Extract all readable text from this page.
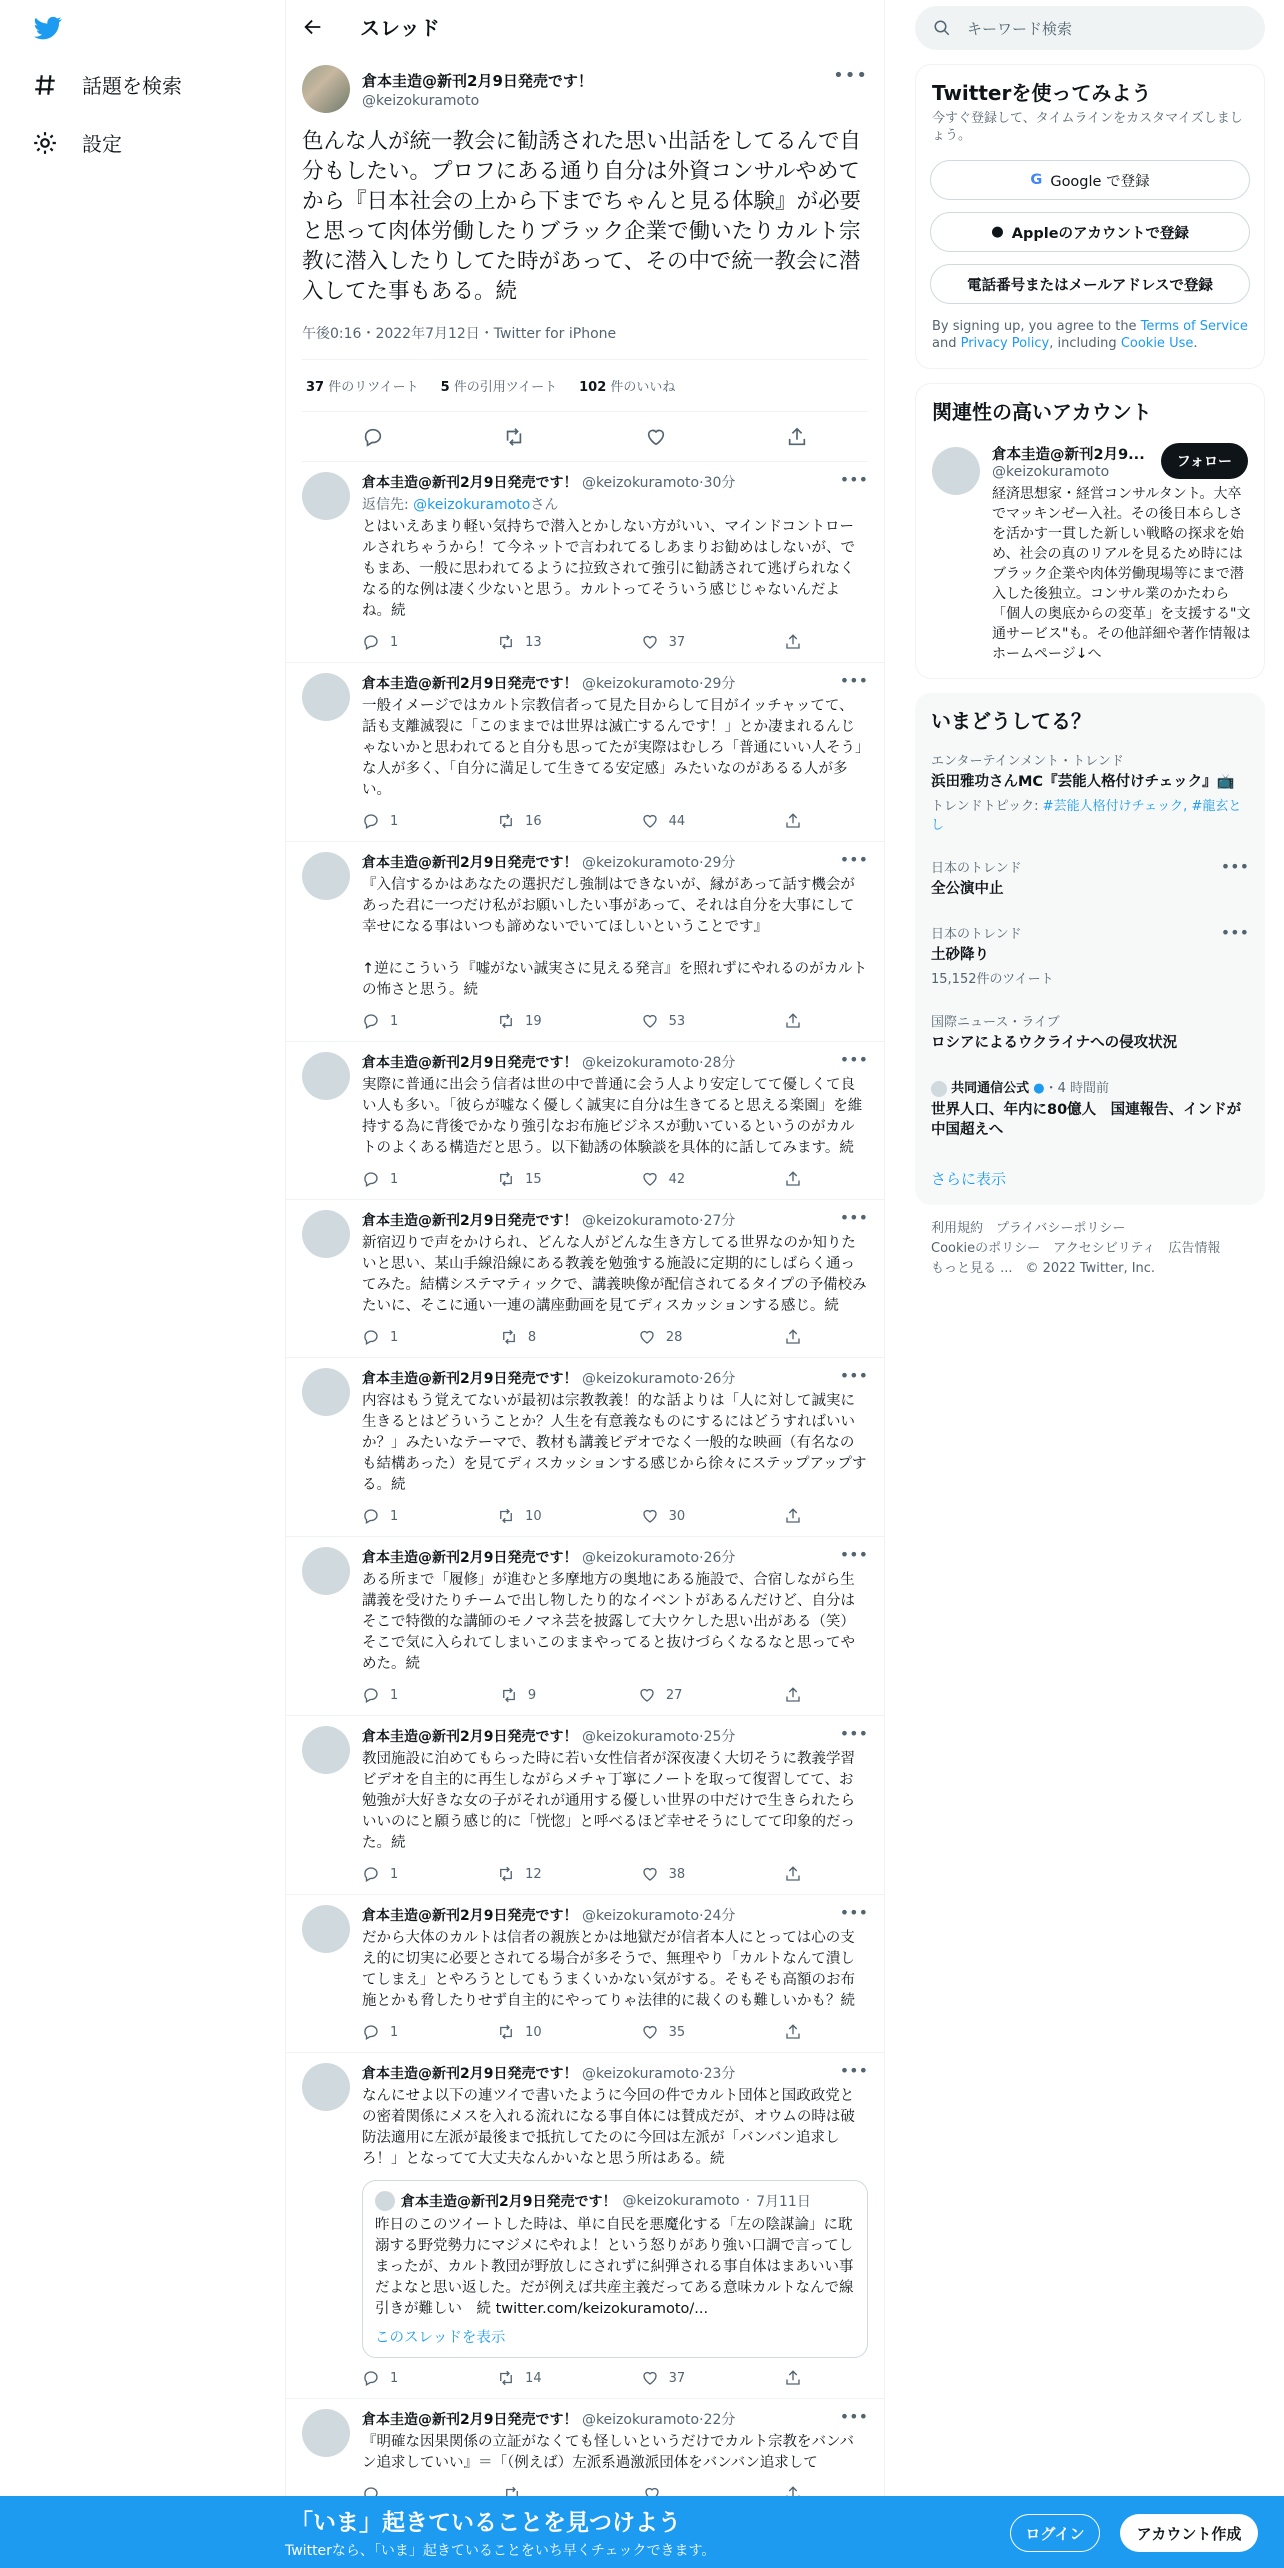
話題を検索
設定
スレッド
倉本圭造@新刊2月9日発売です！
@keizokuramoto
•••
色んな人が統一教会に勧誘された思い出話をしてるんで自分もしたい。プロフにある通り自分は外資コンサルやめてから『日本社会の上から下までちゃんと見る体験』が必要と思って肉体労働したりブラック企業で働いたりカルト宗教に潜入したりしてた時があって、その中で統一教会に潜入してた事もある。続
午後0:16・2022年7月12日・Twitter for iPhone
37 件のリツイート 5 件の引用ツイート 102 件のいいね
倉本圭造@新刊2月9日発売です！ @keizokuramoto·30分
返信先: @keizokuramotoさん
とはいえあまり軽い気持ちで潜入とかしない方がいい、マインドコントロールされちゃうから！て今ネットで言われてるしあまりお勧めはしないが、でもまあ、一般に思われてるように拉致されて強引に勧誘されて逃げられなくなる的な例は凄く少ないと思う。カルトってそういう感じじゃないんだよね。続
1	13	37
•••
倉本圭造@新刊2月9日発売です！ @keizokuramoto·29分
一般イメージではカルト宗教信者って見た目からして目がイッチャッてて、話も支離滅裂に「このままでは世界は滅亡するんです！」とか凄まれるんじゃないかと思われてると自分も思ってたが実際はむしろ「普通にいい人そう」な人が多く、「自分に満足して生きてる安定感」みたいなのがあるる人が多い。
1	16	44
•••
倉本圭造@新刊2月9日発売です！ @keizokuramoto·29分
『入信するかはあなたの選択だし強制はできないが、縁があって話す機会があった君に一つだけ私がお願いしたい事があって、それは自分を大事にして幸せになる事はいつも諦めないでいてほしいということです』

↑逆にこういう『嘘がない誠実さに見える発言』を照れずにやれるのがカルトの怖さと思う。続
1	19	53
•••
倉本圭造@新刊2月9日発売です！ @keizokuramoto·28分
実際に普通に出会う信者は世の中で普通に会う人より安定してて優しくて良い人も多い。「彼らが嘘なく優しく誠実に自分は生きてると思える楽園」を維持する為に背後でかなり強引なお布施ビジネスが動いているというのがカルトのよくある構造だと思う。以下勧誘の体験談を具体的に話してみます。続
1	15	42
•••
倉本圭造@新刊2月9日発売です！ @keizokuramoto·27分
新宿辺りで声をかけられ、どんな人がどんな生き方してる世界なのか知りたいと思い、某山手線沿線にある教義を勉強する施設に定期的にしばらく通ってみた。結構システマティックで、講義映像が配信されてるタイプの予備校みたいに、そこに通い一連の講座動画を見てディスカッションする感じ。続
1	8	28
•••
倉本圭造@新刊2月9日発売です！ @keizokuramoto·26分
内容はもう覚えてないが最初は宗教教義！的な話よりは「人に対して誠実に生きるとはどういうことか？人生を有意義なものにするにはどうすればいいか？」みたいなテーマで、教材も講義ビデオでなく一般的な映画（有名なのも結構あった）を見てディスカッションする感じから徐々にステップアップする。続
1	10	30
•••
倉本圭造@新刊2月9日発売です！ @keizokuramoto·26分
ある所まで「履修」が進むと多摩地方の奥地にある施設で、合宿しながら生講義を受けたりチームで出し物したり的なイベントがあるんだけど、自分はそこで特徴的な講師のモノマネ芸を披露して大ウケした思い出がある（笑）そこで気に入られてしまいこのままやってると抜けづらくなるなと思ってやめた。続
1	9	27
•••
倉本圭造@新刊2月9日発売です！ @keizokuramoto·25分
教団施設に泊めてもらった時に若い女性信者が深夜凄く大切そうに教義学習ビデオを自主的に再生しながらメチャ丁寧にノートを取って復習してて、お勉強が大好きな女の子がそれが通用する優しい世界の中だけで生きられたらいいのにと願う感じ的に「恍惚」と呼べるほど幸せそうにしてて印象的だった。続
1	12	38
•••
倉本圭造@新刊2月9日発売です！ @keizokuramoto·24分
だから大体のカルトは信者の親族とかは地獄だが信者本人にとっては心の支え的に切実に必要とされてる場合が多そうで、無理やり「カルトなんて潰してしまえ」とやろうとしてもうまくいかない気がする。そもそも高額のお布施とかも脅したりせず自主的にやってりゃ法律的に裁くのも難しいかも？続
1	10	35
•••
倉本圭造@新刊2月9日発売です！ @keizokuramoto·23分
なんにせよ以下の連ツイで書いたように今回の件でカルト団体と国政政党との密着関係にメスを入れる流れになる事自体には賛成だが、オウムの時は破防法適用に左派が最後まで抵抗してたのに今回は左派が「バンバン追求しろ！」となってて大丈夫なんかいなと思う所はある。続
倉本圭造@新刊2月9日発売です！ @keizokuramoto · 7月11日
昨日のこのツイートした時は、単に自民を悪魔化する「左の陰謀論」に耽溺する野党勢力にマジメにやれよ！という怒りがあり強い口調で言ってしまったが、カルト教団が野放しにされずに糾弾される事自体はまあいい事だよなと思い返した。だが例えば共産主義だってある意味カルトなんで線引きが難しい　続 twitter.com/keizokuramoto/...
このスレッドを表示
1	14	37
•••
倉本圭造@新刊2月9日発売です！ @keizokuramoto·22分
『明確な因果関係の立証がなくても怪しいというだけでカルト宗教をバンバン追求していい』＝「（例えば）左派系過激派団体をバンバン追求して
•••
キーワード検索
Twitterを使ってみよう
今すぐ登録して、タイムラインをカスタマイズしましょう。
G Google で登録
● Appleのアカウントで登録
電話番号またはメールアドレスで登録
By signing up, you agree to the Terms of Service and Privacy Policy, including Cookie Use.
関連性の高いアカウント
倉本圭造@新刊2月9...
@keizokuramoto
経済思想家・経営コンサルタント。大卒でマッキンゼー入社。その後日本らしさを活かす一貫した新しい戦略の探求を始め、社会の真のリアルを見るため時にはブラック企業や肉体労働現場等にまで潜入した後独立。コンサル業のかたわら「個人の奥底からの変革」を支援する"文通サービス"も。その他詳細や著作情報はホームページ↓へ
フォロー
いまどうしてる？
エンターテインメント・トレンド
浜田雅功さんMC『芸能人格付けチェック』📺
トレンドトピック: #芸能人格付けチェック, #龍玄とし
日本のトレンド
全公演中止
•••
日本のトレンド
土砂降り
15,152件のツイート
•••
国際ニュース・ライブ
ロシアによるウクライナへの侵攻状況
共同通信公式 ●・4 時間前
世界人口、年内に80億人　国連報告、インドが中国超えへ
さらに表示
利用規約　プライバシーポリシー
Cookieのポリシー　アクセシビリティ　広告情報
もっと見る ...　© 2022 Twitter, Inc.
「いま」起きていることを見つけよう
Twitterなら、「いま」起きていることをいち早くチェックできます。
ログイン	アカウント作成
